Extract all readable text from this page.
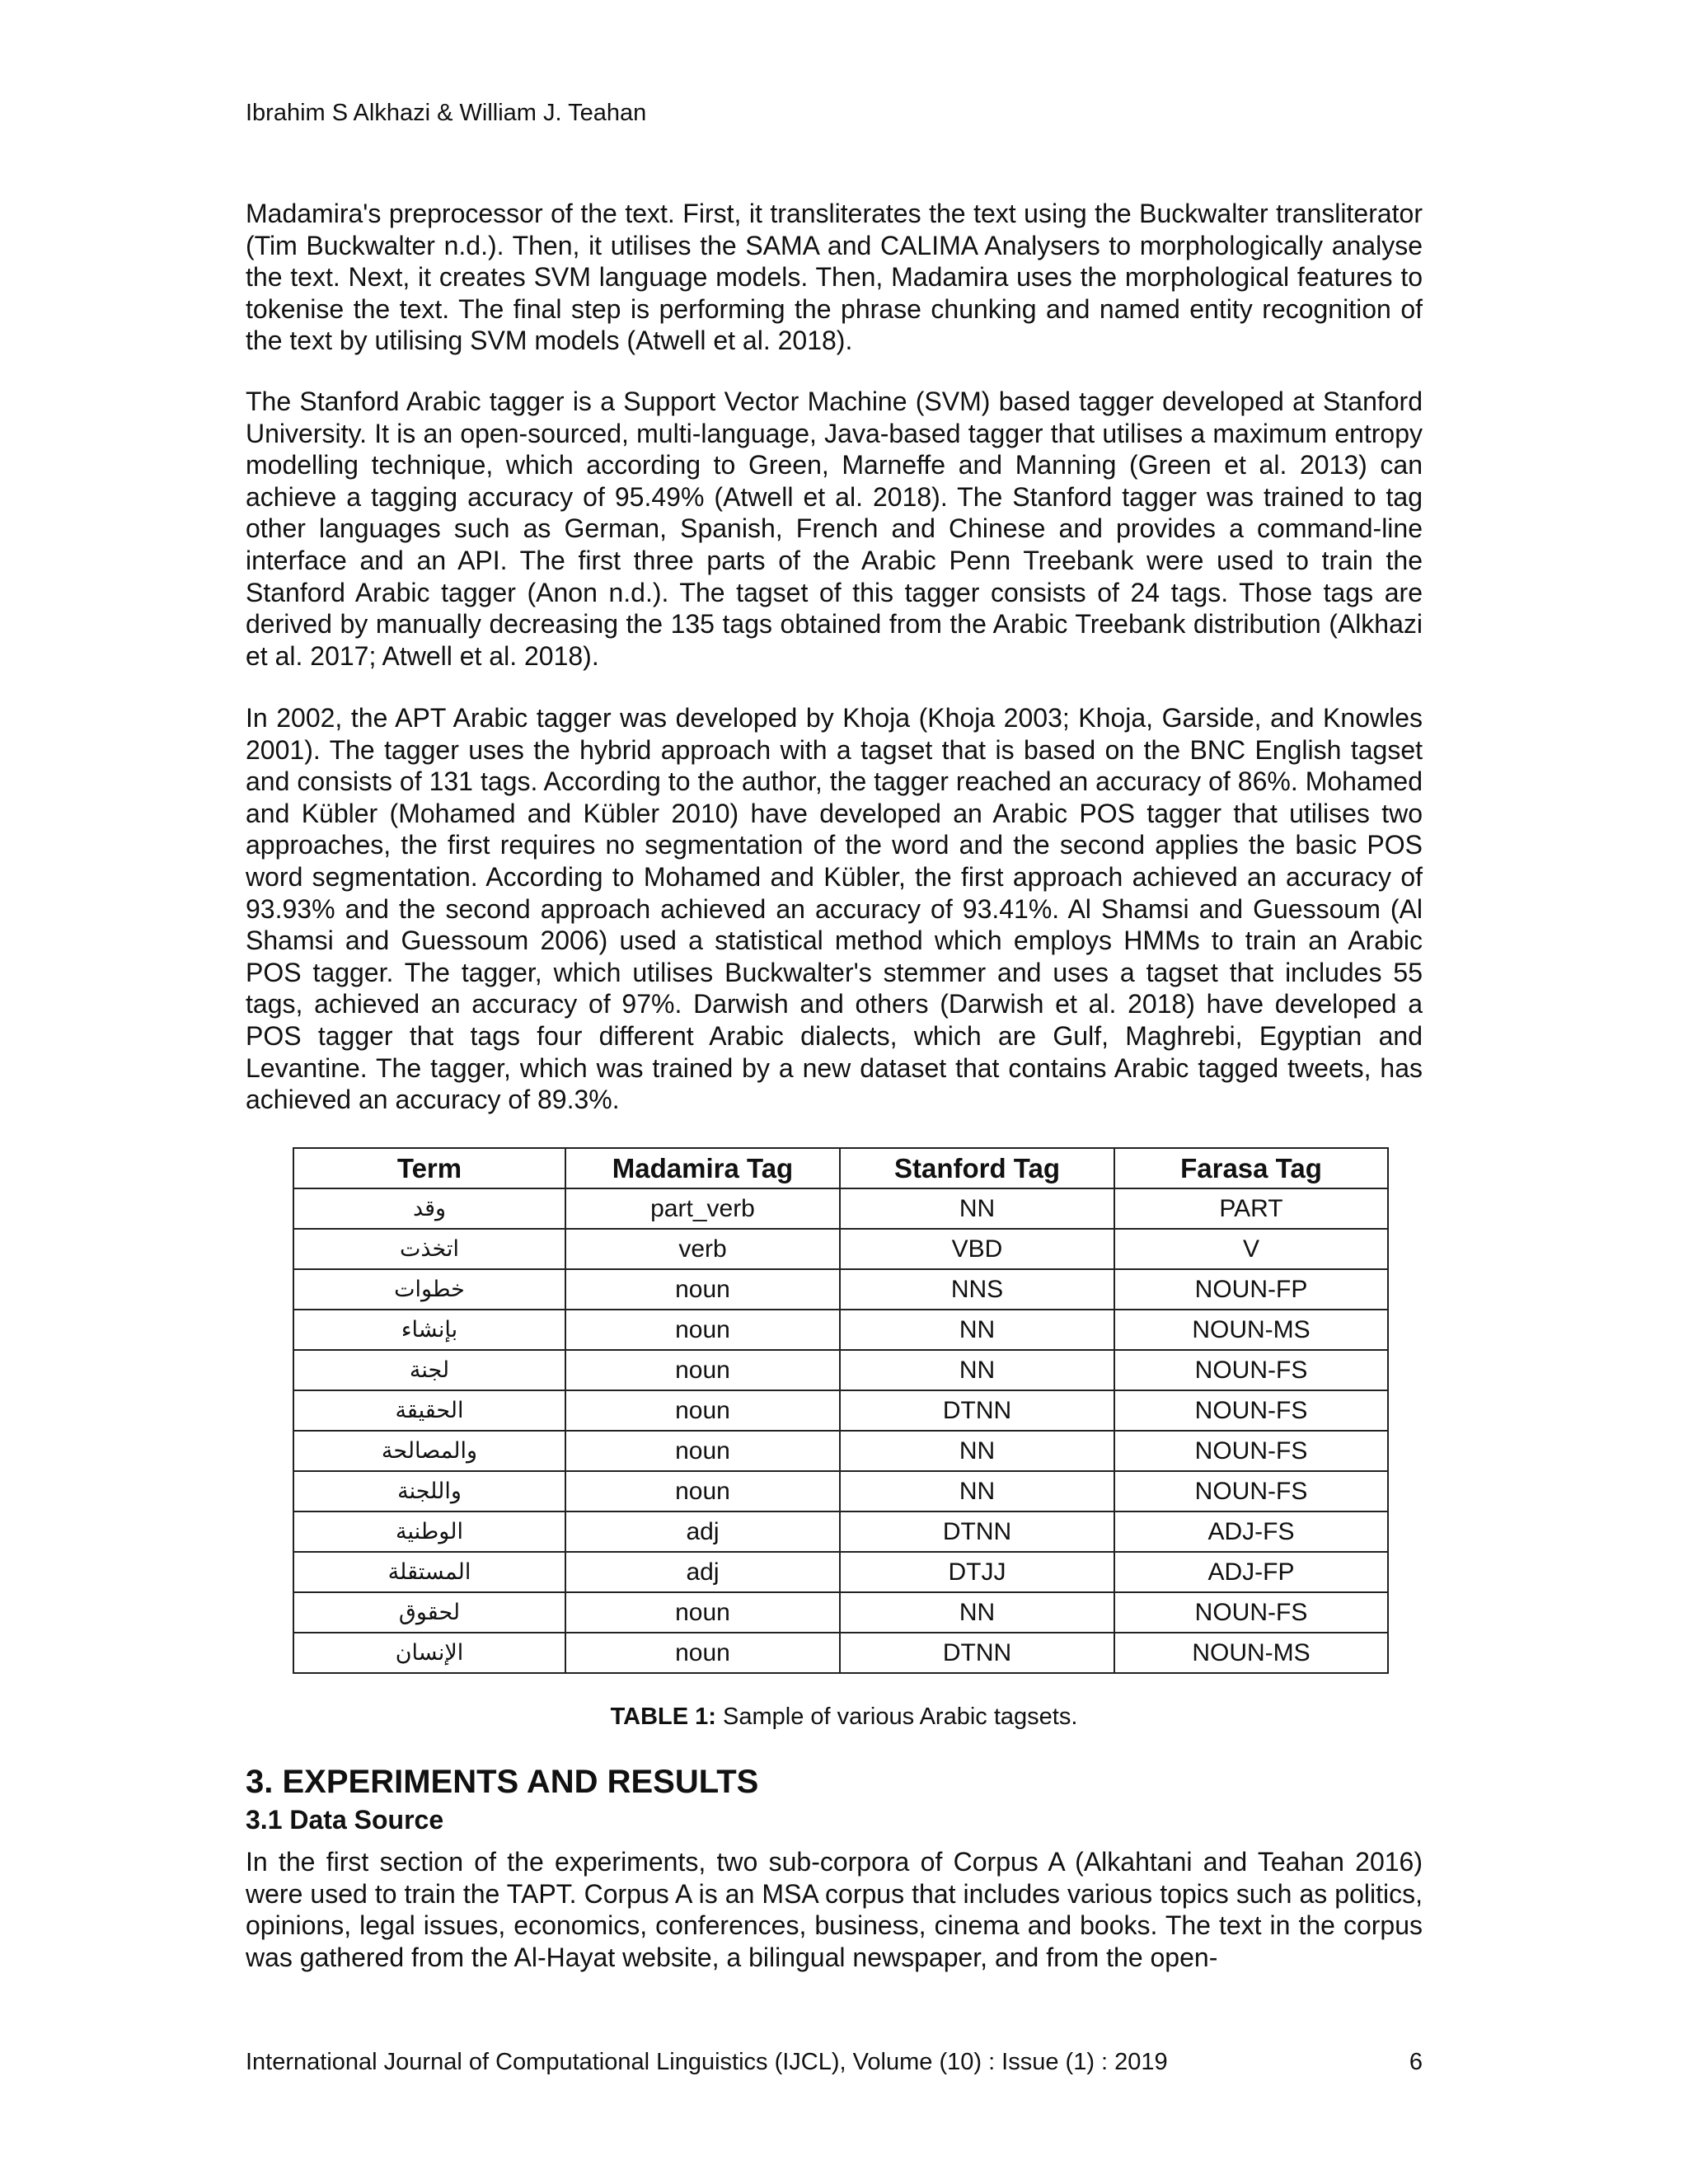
Ibrahim S Alkhazi & William J. Teahan

Madamira's preprocessor of the text. First, it transliterates the text using the Buckwalter transliterator (Tim Buckwalter n.d.). Then, it utilises the SAMA and CALIMA Analysers to morphologically analyse the text. Next, it creates SVM language models. Then, Madamira uses the morphological features to tokenise the text. The final step is performing the phrase chunking and named entity recognition of the text by utilising SVM models (Atwell et al. 2018).

The Stanford Arabic tagger is a Support Vector Machine (SVM) based tagger developed at Stanford University. It is an open-sourced, multi-language, Java-based tagger that utilises a maximum entropy modelling technique, which according to Green, Marneffe and Manning (Green et al. 2013) can achieve a tagging accuracy of 95.49% (Atwell et al. 2018). The Stanford tagger was trained to tag other languages such as German, Spanish, French and Chinese and provides a command-line interface and an API. The first three parts of the Arabic Penn Treebank were used to train the Stanford Arabic tagger (Anon n.d.). The tagset of this tagger consists of 24 tags. Those tags are derived by manually decreasing the 135 tags obtained from the Arabic Treebank distribution (Alkhazi et al. 2017; Atwell et al. 2018).

In 2002, the APT Arabic tagger was developed by Khoja (Khoja 2003; Khoja, Garside, and Knowles 2001). The tagger uses the hybrid approach with a tagset that is based on the BNC English tagset and consists of 131 tags. According to the author, the tagger reached an accuracy of 86%. Mohamed and Kübler (Mohamed and Kübler 2010) have developed an Arabic POS tagger that utilises two approaches, the first requires no segmentation of the word and the second applies the basic POS word segmentation. According to Mohamed and Kübler, the first approach achieved an accuracy of 93.93% and the second approach achieved an accuracy of 93.41%. Al Shamsi and Guessoum (Al Shamsi and Guessoum 2006) used a statistical method which employs HMMs to train an Arabic POS tagger. The tagger, which utilises Buckwalter's stemmer and uses a tagset that includes 55 tags, achieved an accuracy of 97%. Darwish and others (Darwish et al. 2018) have developed a POS tagger that tags four different Arabic dialects, which are Gulf, Maghrebi, Egyptian and Levantine. The tagger, which was trained by a new dataset that contains Arabic tagged tweets, has achieved an accuracy of 89.3%.

Term	Madamira Tag	Stanford Tag	Farasa Tag
وقد	part_verb	NN	PART
اتخذت	verb	VBD	V
خطوات	noun	NNS	NOUN-FP
بإنشاء	noun	NN	NOUN-MS
لجنة	noun	NN	NOUN-FS
الحقيقة	noun	DTNN	NOUN-FS
والمصالحة	noun	NN	NOUN-FS
واللجنة	noun	NN	NOUN-FS
الوطنية	adj	DTNN	ADJ-FS
المستقلة	adj	DTJJ	ADJ-FP
لحقوق	noun	NN	NOUN-FS
الإنسان	noun	DTNN	NOUN-MS
TABLE 1: Sample of various Arabic tagsets.
3. EXPERIMENTS AND RESULTS
3.1 Data Source

In the first section of the experiments, two sub-corpora of Corpus A (Alkahtani and Teahan 2016) were used to train the TAPT. Corpus A is an MSA corpus that includes various topics such as politics, opinions, legal issues, economics, conferences, business, cinema and books. The text in the corpus was gathered from the Al-Hayat website, a bilingual newspaper, and from the open-

International Journal of Computational Linguistics (IJCL), Volume (10) : Issue (1) : 2019	6
